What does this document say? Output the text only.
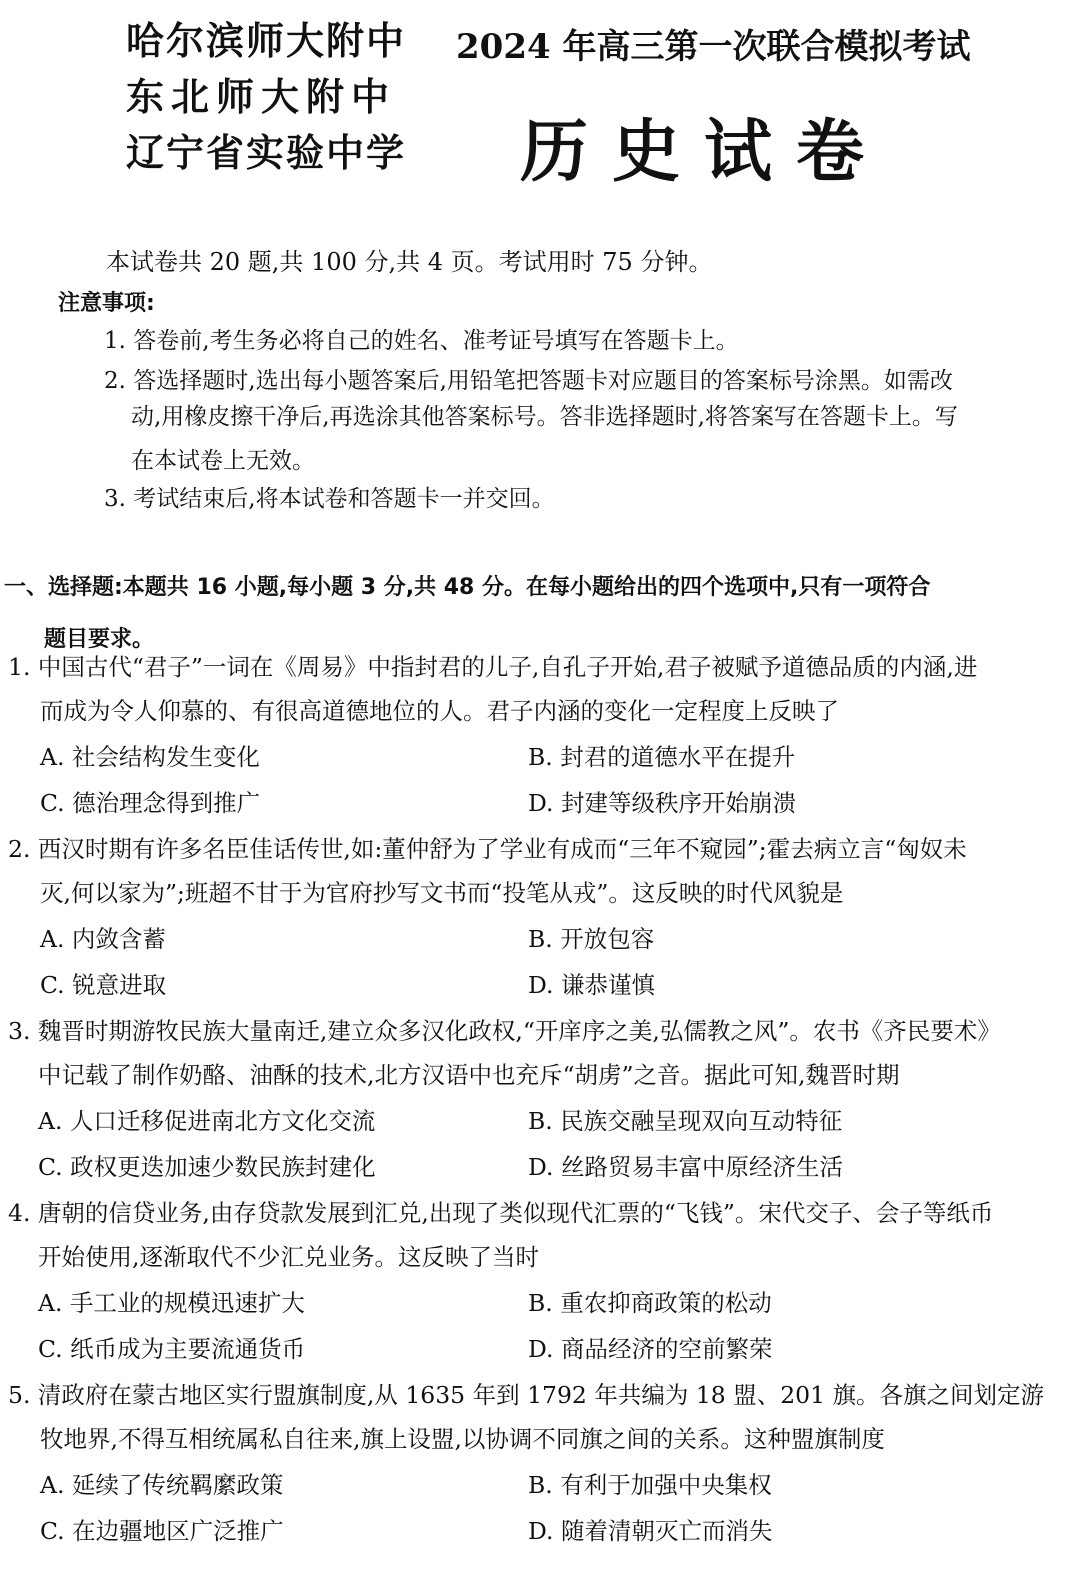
哈尔滨师大附中
东北师大附中
辽宁省实验中学
2024 年高三第一次联合模拟考试
历史试卷
本试卷共 20 题,共 100 分,共 4 页。考试用时 75 分钟。
注意事项:
1. 答卷前,考生务必将自己的姓名、准考证号填写在答题卡上。
2. 答选择题时,选出每小题答案后,用铅笔把答题卡对应题目的答案标号涂黑。如需改
动,用橡皮擦干净后,再选涂其他答案标号。答非选择题时,将答案写在答题卡上。写
在本试卷上无效。
3. 考试结束后,将本试卷和答题卡一并交回。
一、选择题:本题共 16 小题,每小题 3 分,共 48 分。在每小题给出的四个选项中,只有一项符合
题目要求。
1. 中国古代“君子”一词在《周易》中指封君的儿子,自孔子开始,君子被赋予道德品质的内涵,进
而成为令人仰慕的、有很高道德地位的人。君子内涵的变化一定程度上反映了
A. 社会结构发生变化	B. 封君的道德水平在提升
C. 德治理念得到推广	D. 封建等级秩序开始崩溃
2. 西汉时期有许多名臣佳话传世,如:董仲舒为了学业有成而“三年不窥园”;霍去病立言“匈奴未
灭,何以家为”;班超不甘于为官府抄写文书而“投笔从戎”。这反映的时代风貌是
A. 内敛含蓄	B. 开放包容
C. 锐意进取	D. 谦恭谨慎
3. 魏晋时期游牧民族大量南迁,建立众多汉化政权,“开庠序之美,弘儒教之风”。农书《齐民要术》
中记载了制作奶酪、油酥的技术,北方汉语中也充斥“胡虏”之音。据此可知,魏晋时期
A. 人口迁移促进南北方文化交流	B. 民族交融呈现双向互动特征
C. 政权更迭加速少数民族封建化	D. 丝路贸易丰富中原经济生活
4. 唐朝的信贷业务,由存贷款发展到汇兑,出现了类似现代汇票的“飞钱”。宋代交子、会子等纸币
开始使用,逐渐取代不少汇兑业务。这反映了当时
A. 手工业的规模迅速扩大	B. 重农抑商政策的松动
C. 纸币成为主要流通货币	D. 商品经济的空前繁荣
5. 清政府在蒙古地区实行盟旗制度,从 1635 年到 1792 年共编为 18 盟、201 旗。各旗之间划定游
牧地界,不得互相统属私自往来,旗上设盟,以协调不同旗之间的关系。这种盟旗制度
A. 延续了传统羁縻政策	B. 有利于加强中央集权
C. 在边疆地区广泛推广	D. 随着清朝灭亡而消失
